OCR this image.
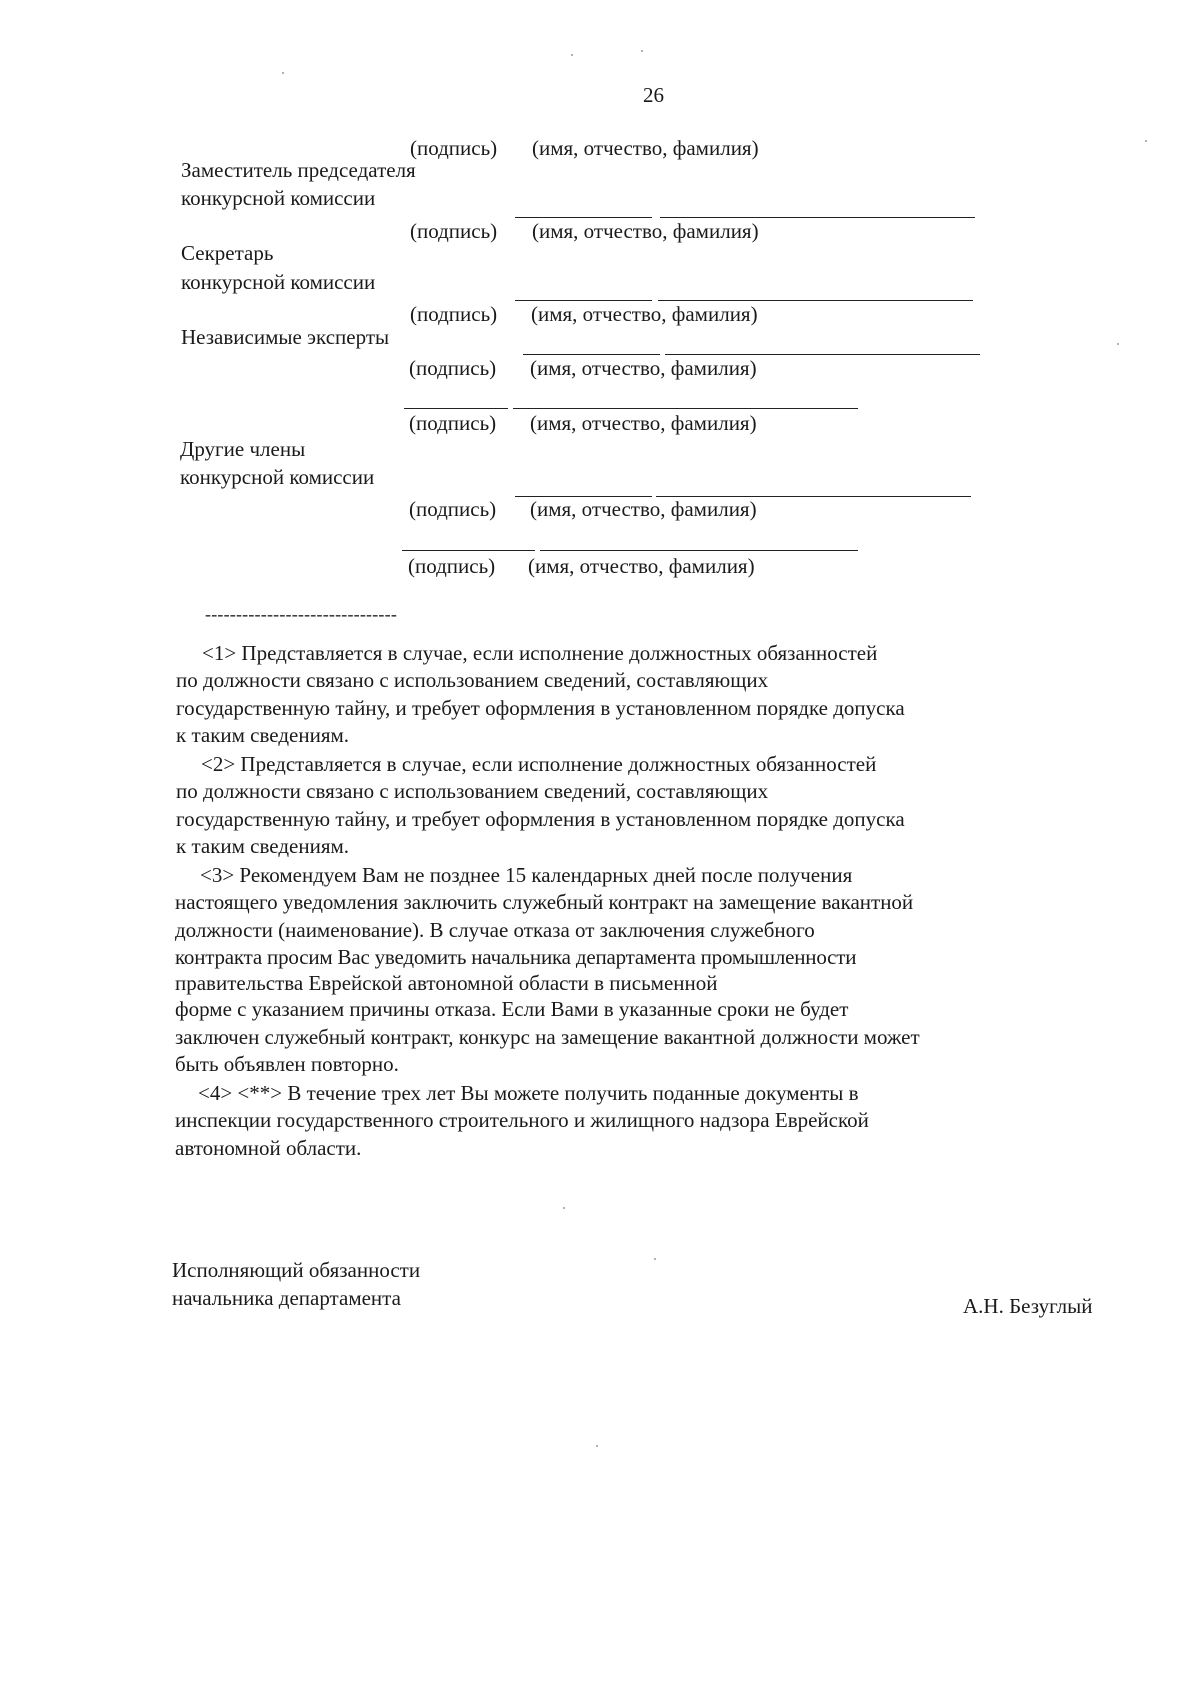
26
(подпись) (имя, отчество, фамилия)
Заместитель председателя
конкурсной комиссии
(подпись) (имя, отчество, фамилия)
Секретарь
конкурсной комиссии
(подпись) (имя, отчество, фамилия)
Независимые эксперты
(подпись) (имя, отчество, фамилия)
(подпись) (имя, отчество, фамилия)
Другие члены
конкурсной комиссии
(подпись) (имя, отчество, фамилия)
(подпись) (имя, отчество, фамилия)
-------------------------------
<1> Представляется в случае, если исполнение должностных обязанностей
по должности связано с использованием сведений, составляющих
государственную тайну, и требует оформления в установленном порядке допуска
к таким сведениям.
<2> Представляется в случае, если исполнение должностных обязанностей
по должности связано с использованием сведений, составляющих
государственную тайну, и требует оформления в установленном порядке допуска
к таким сведениям.
<3> Рекомендуем Вам не позднее 15 календарных дней после получения
настоящего уведомления заключить служебный контракт на замещение вакантной
должности (наименование). В случае отказа от заключения служебного
контракта просим Вас уведомить начальника департамента промышленности
правительства Еврейской автономной области в письменной
форме с указанием причины отказа. Если Вами в указанные сроки не будет
заключен служебный контракт, конкурс на замещение вакантной должности может
быть объявлен повторно.
<4> <**> В течение трех лет Вы можете получить поданные документы в
инспекции государственного строительного и жилищного надзора Еврейской
автономной области.
Исполняющий обязанности
начальника департамента	А.Н. Безуглый
